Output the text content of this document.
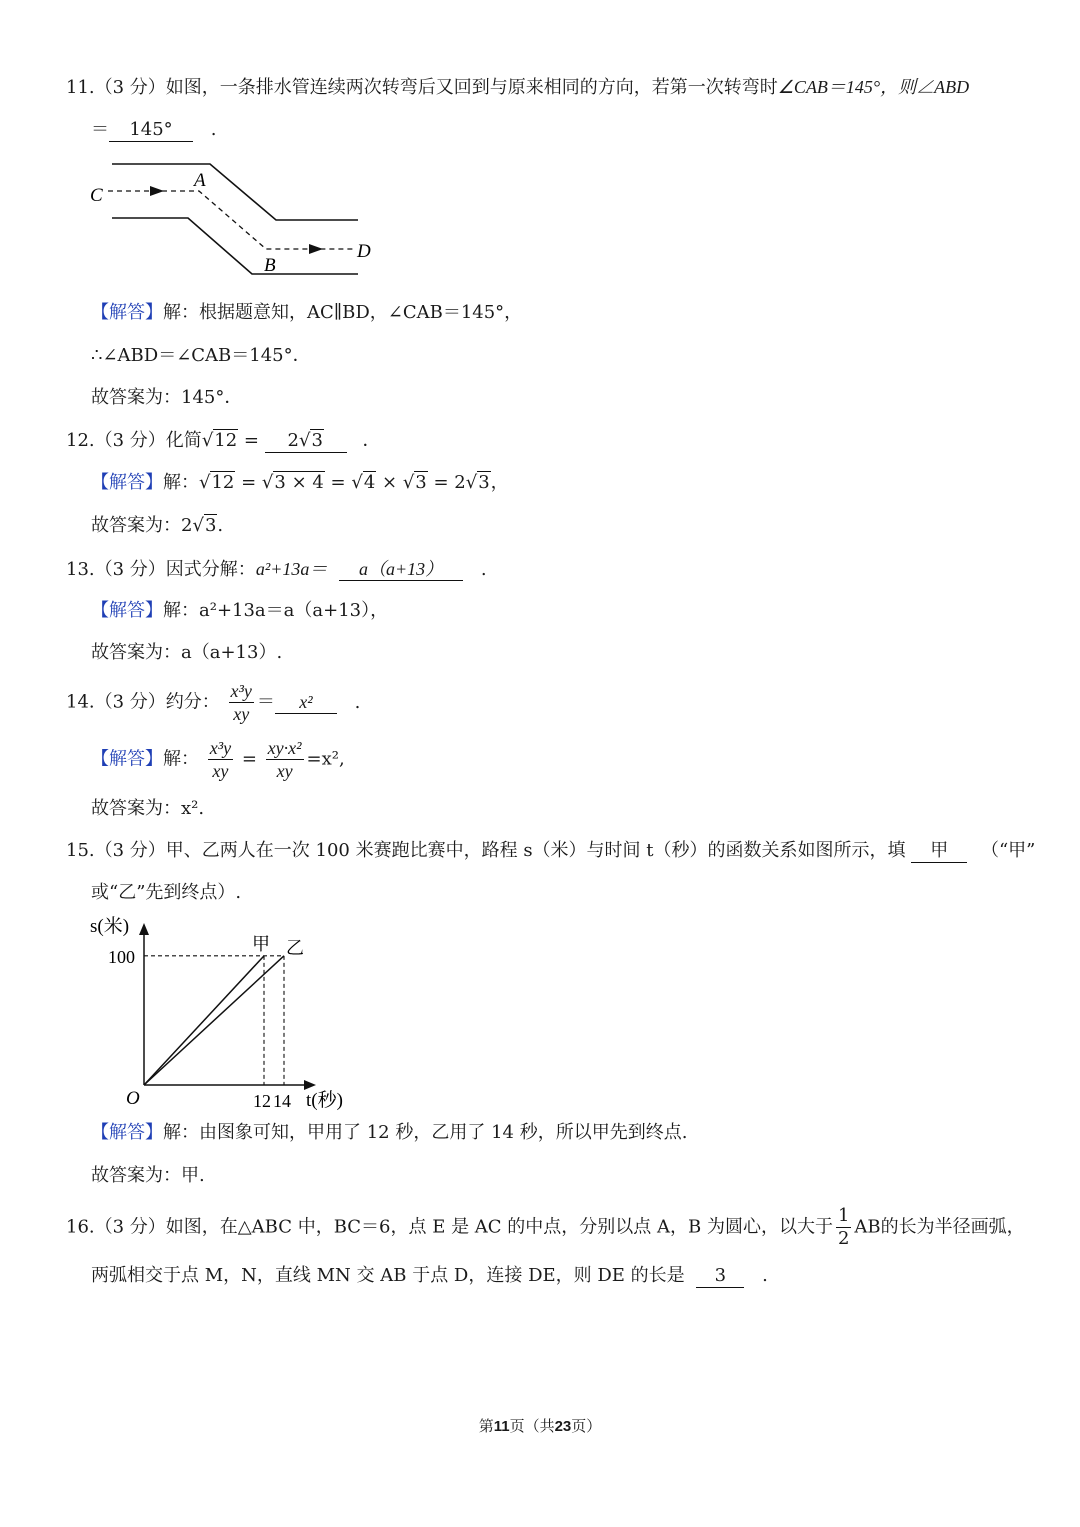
11.（3 分）如图，一条排水管连续两次转弯后又回到与原来相同的方向，若第一次转弯时∠CAB＝145°，则∠ABD
＝ 145° .
C
A
B
D
【解答】解：根据题意知，AC∥BD，∠CAB＝145°，
∴∠ABD＝∠CAB＝145°．
故答案为：145°．
12.（3 分）化简√12 = 2√3 ．
【解答】解：√12 = √3 × 4 = √4 × √3 = 2√3，
故答案为：2√3.
13.（3 分）因式分解：a²+13a＝ a（a+13） .
【解答】解：a²+13a＝a（a+13），
故答案为：a（a+13）.
14.（3 分）约分： $\frac{\text{x³y}}{xy} = x^2$ .
【解答】解： $\frac{\text{x³y}}{xy} = \frac{\text{xy·x²}}{xy} =x^2$,
故答案为：x².
15.（3 分）甲、乙两人在一次 100 米赛跑比赛中，路程 s（米）与时间 t（秒）的函数关系如图所示，填 甲 （“甲”
或“乙”先到终点）.
s(米)
t(秒)
O
甲 乙
100
12 14
【解答】解：由图象可知，甲用了 12 秒，乙用了 14 秒，所以甲先到终点.
故答案为：甲.
16.（3 分）如图，在△ABC 中，BC＝6，点 E 是 AC 的中点，分别以点 A，B 为圆心，以大于 $\frac{1}{2}$ AB的长为半径画弧，
两弧相交于点 M，N，直线 MN 交 AB 于点 D，连接 DE，则 DE 的长是 3 .
第11页（共23页）
